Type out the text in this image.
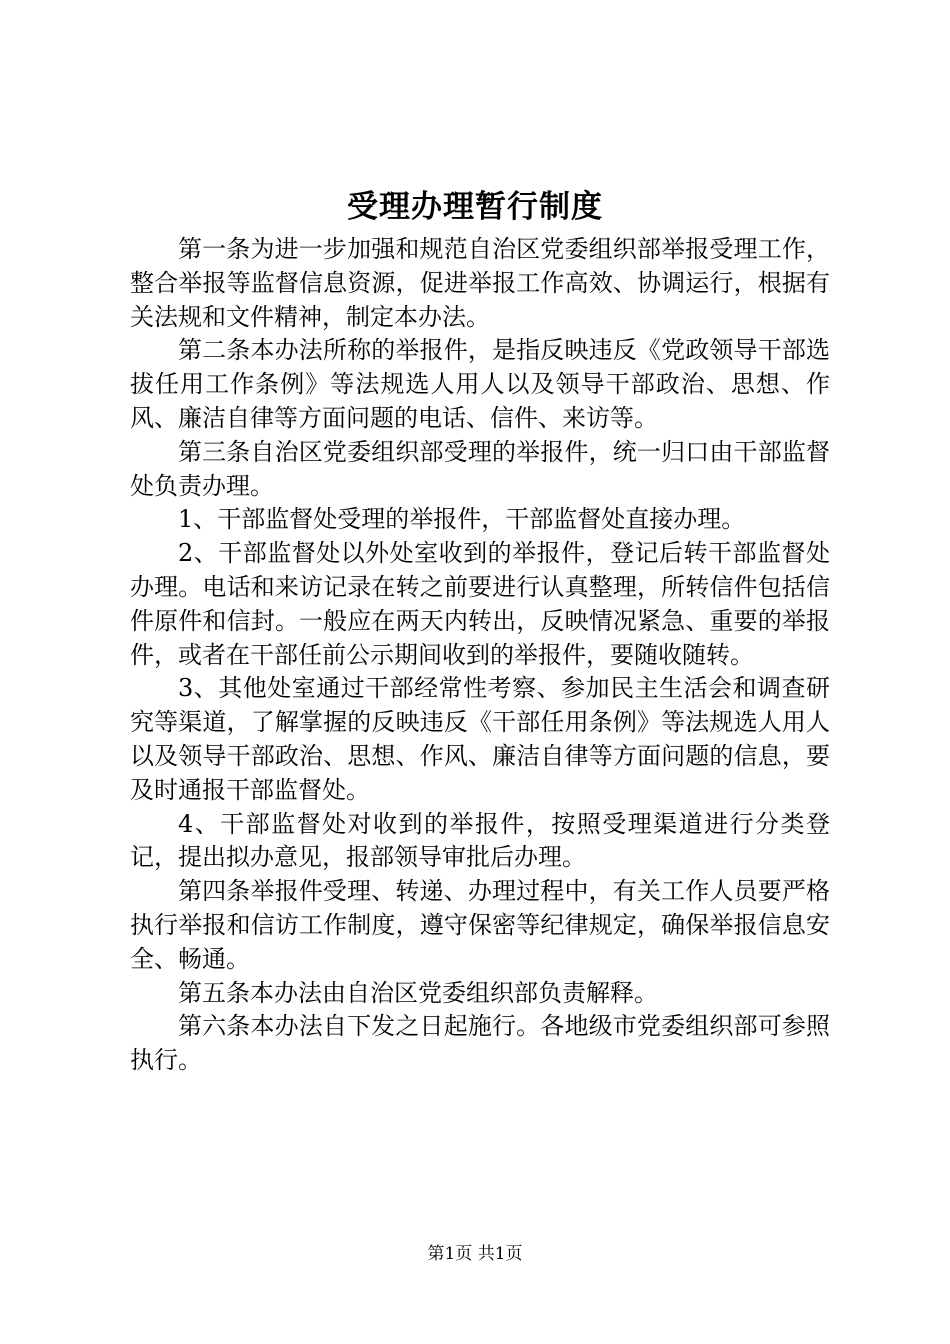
受理办理暂行制度

第一条为进一步加强和规范自治区党委组织部举报受理工作，整合举报等监督信息资源，促进举报工作高效、协调运行，根据有关法规和文件精神，制定本办法。

第二条本办法所称的举报件，是指反映违反《党政领导干部选拔任用工作条例》等法规选人用人以及领导干部政治、思想、作风、廉洁自律等方面问题的电话、信件、来访等。

第三条自治区党委组织部受理的举报件，统一归口由干部监督处负责办理。

1、干部监督处受理的举报件，干部监督处直接办理。

2、干部监督处以外处室收到的举报件，登记后转干部监督处办理。电话和来访记录在转之前要进行认真整理，所转信件包括信件原件和信封。一般应在两天内转出，反映情况紧急、重要的举报件，或者在干部任前公示期间收到的举报件，要随收随转。

3、其他处室通过干部经常性考察、参加民主生活会和调查研究等渠道，了解掌握的反映违反《干部任用条例》等法规选人用人以及领导干部政治、思想、作风、廉洁自律等方面问题的信息，要及时通报干部监督处。

4、干部监督处对收到的举报件，按照受理渠道进行分类登记，提出拟办意见，报部领导审批后办理。

第四条举报件受理、转递、办理过程中，有关工作人员要严格执行举报和信访工作制度，遵守保密等纪律规定，确保举报信息安全、畅通。

第五条本办法由自治区党委组织部负责解释。

第六条本办法自下发之日起施行。各地级市党委组织部可参照执行。

第1页 共1页
